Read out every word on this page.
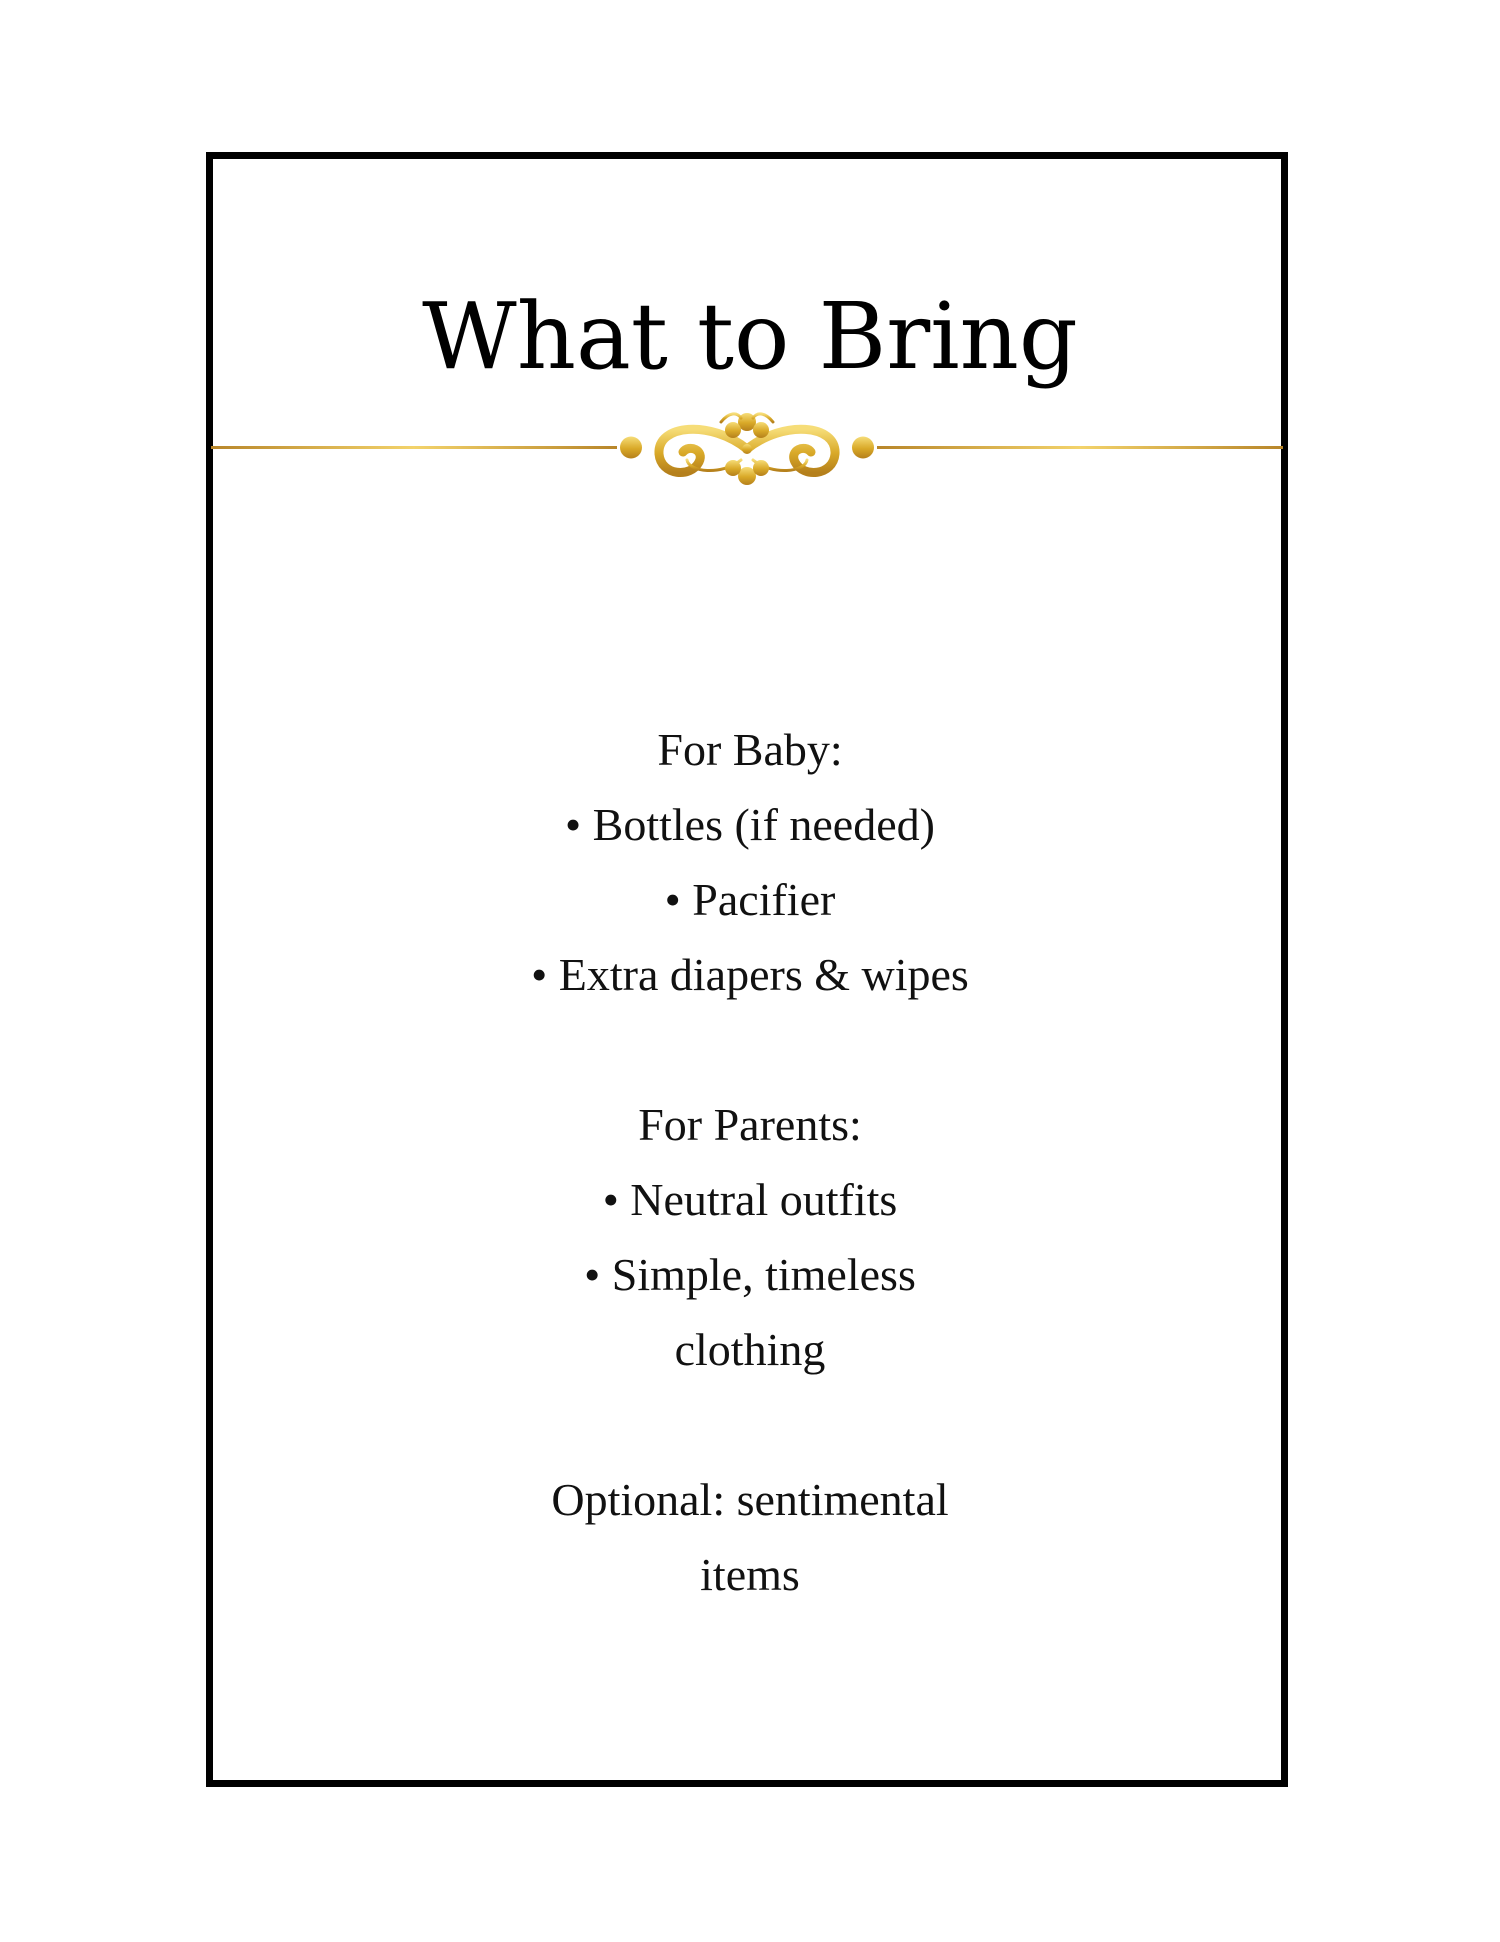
What to Bring
For Baby:
• Bottles (if needed)
• Pacifier
• Extra diapers & wipes
For Parents:
• Neutral outfits
• Simple, timeless
clothing
Optional: sentimental
items
